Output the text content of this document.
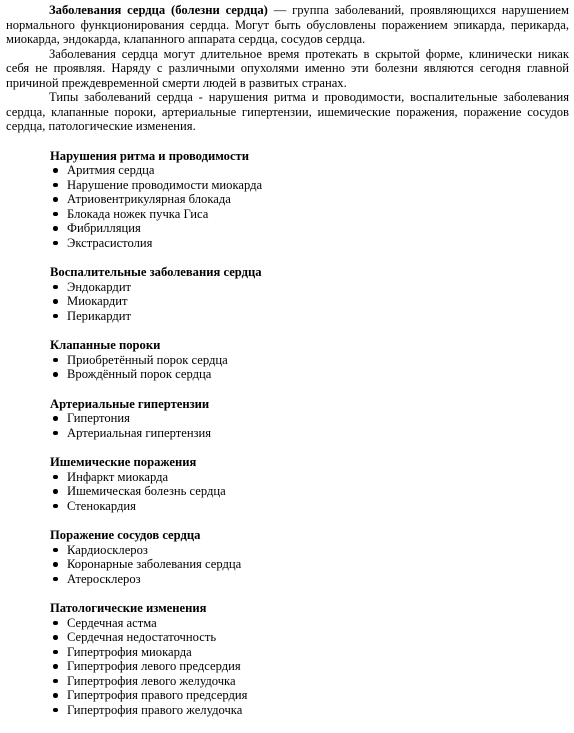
Заболевания сердца (болезни сердца) — группа заболеваний, проявляющихся нарушением нормального функционирования сердца. Могут быть обусловлены поражением эпикарда, перикарда, миокарда, эндокарда, клапанного аппарата сердца, сосудов сердца.

Заболевания сердца могут длительное время протекать в скрытой форме, клинически никак себя не проявляя. Наряду с различными опухолями именно эти болезни являются сегодня главной причиной преждевременной смерти людей в развитых странах.

Типы заболеваний сердца - нарушения ритма и проводимости, воспалительные заболевания сердца, клапанные пороки, артериальные гипертензии, ишемические поражения, поражение сосудов сердца, патологические изменения.

Нарушения ритма и проводимости

Аритмия сердца
Нарушение проводимости миокарда
Атриовентрикулярная блокада
Блокада ножек пучка Гиса
Фибрилляция
Экстрасистолия

Воспалительные заболевания сердца

Эндокардит
Миокардит
Перикардит

Клапанные пороки

Приобретённый порок сердца
Врождённый порок сердца

Артериальные гипертензии

Гипертония
Артериальная гипертензия

Ишемические поражения

Инфаркт миокарда
Ишемическая болезнь сердца
Стенокардия

Поражение сосудов сердца

Кардиосклероз
Коронарные заболевания сердца
Атеросклероз

Патологические изменения

Сердечная астма
Сердечная недостаточность
Гипертрофия миокарда
Гипертрофия левого предсердия
Гипертрофия левого желудочка
Гипертрофия правого предсердия
Гипертрофия правого желудочка
